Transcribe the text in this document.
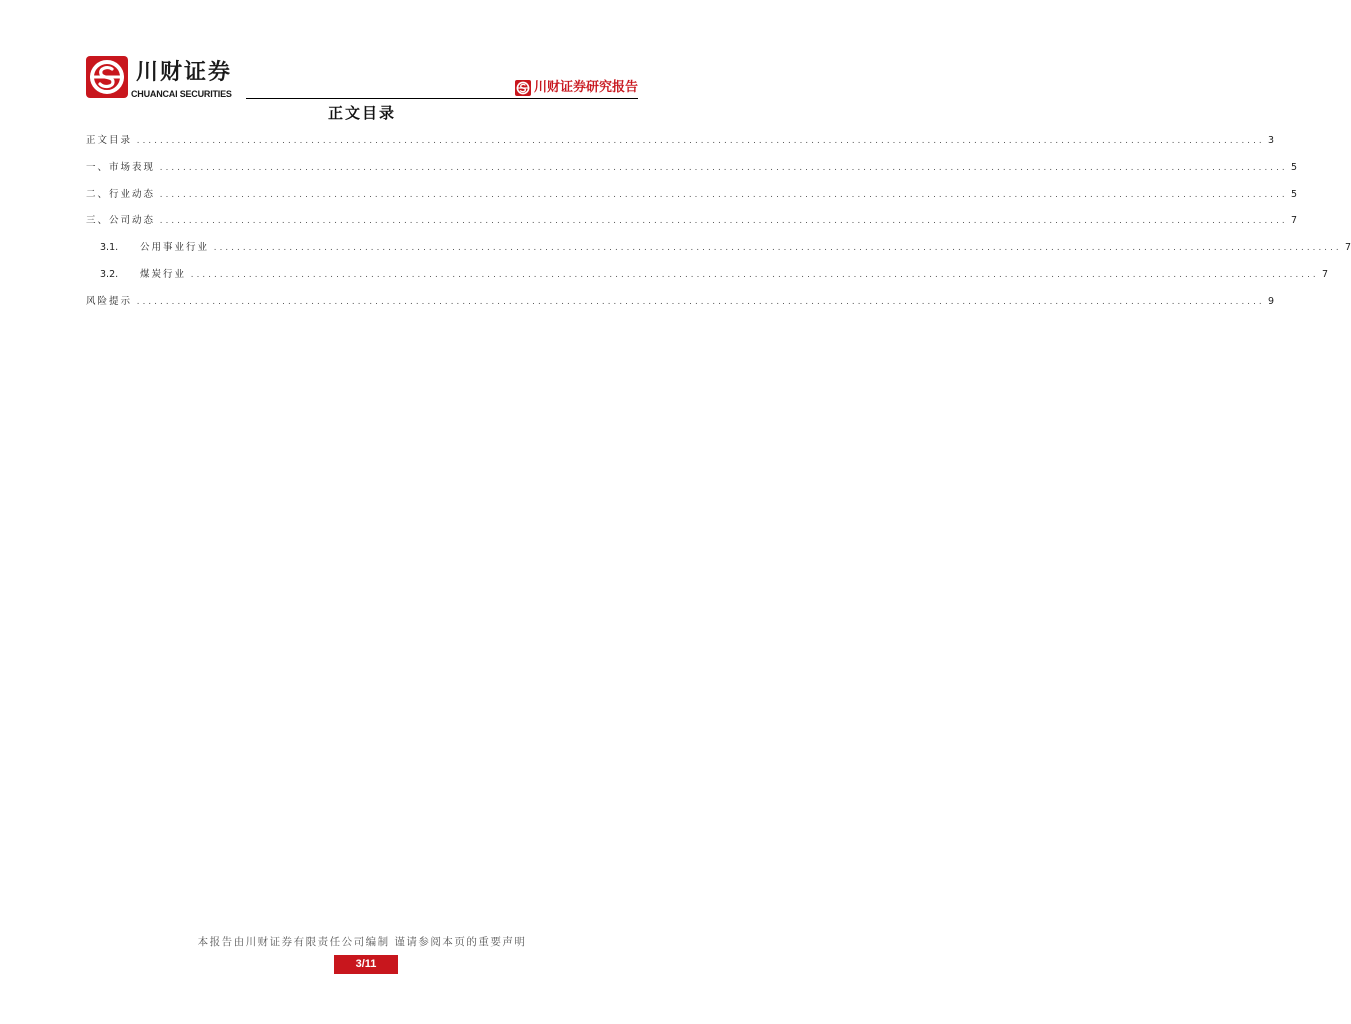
川财证券
CHUANCAI SECURITIES	川财证券研究报告
正文目录
正文目录 .................................................................................................................................................................................................. 3
一、市场表现 .................................................................................................................................................................................................. 5
二、行业动态 .................................................................................................................................................................................................. 5
三、公司动态 .................................................................................................................................................................................................. 7
3.1.	公用事业行业 .................................................................................................................................................................................................. 7
3.2.	煤炭行业 .................................................................................................................................................................................................. 7
风险提示 .................................................................................................................................................................................................. 9
本报告由川财证券有限责任公司编制 谨请参阅本页的重要声明
3/11
